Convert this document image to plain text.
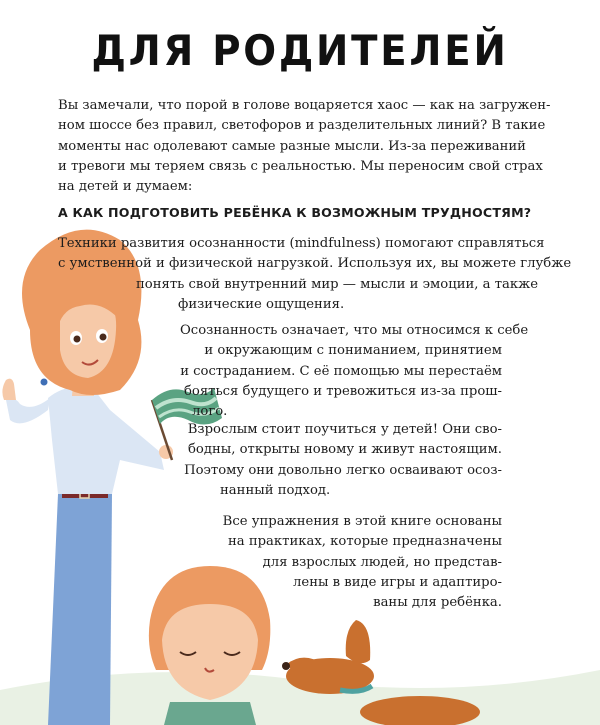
ДЛЯ РОДИТЕЛЕЙ
Вы замечали, что порой в голове воцаряется хаос — как на загружен-
ном шоссе без правил, светофоров и разделительных линий? В такие
моменты нас одолевают самые разные мысли. Из-за переживаний
и тревоги мы теряем связь с реальностью. Мы переносим свой страх
на детей и думаем:
А КАК ПОДГОТОВИТЬ РЕБЁНКА К ВОЗМОЖНЫМ ТРУДНОСТЯМ?
Техники развития осознанности (mindfulness) помогают справляться
с умственной и физической нагрузкой. Используя их, вы можете глубже
понять свой внутренний мир — мысли и эмоции, а также
физические ощущения.
Осознанность означает, что мы относимся к себе
и окружающим с пониманием, принятием
и состраданием. С её помощью мы перестаём
бояться будущего и тревожиться из-за прош-
лого.
Взрослым стоит поучиться у детей! Они сво-
бодны, открыты новому и живут настоящим.
Поэтому они довольно легко осваивают осоз-
нанный подход.
Все упражнения в этой книге основаны
на практиках, которые предназначены
для взрослых людей, но представ-
лены в виде игры и адаптиро-
ваны для ребёнка.
